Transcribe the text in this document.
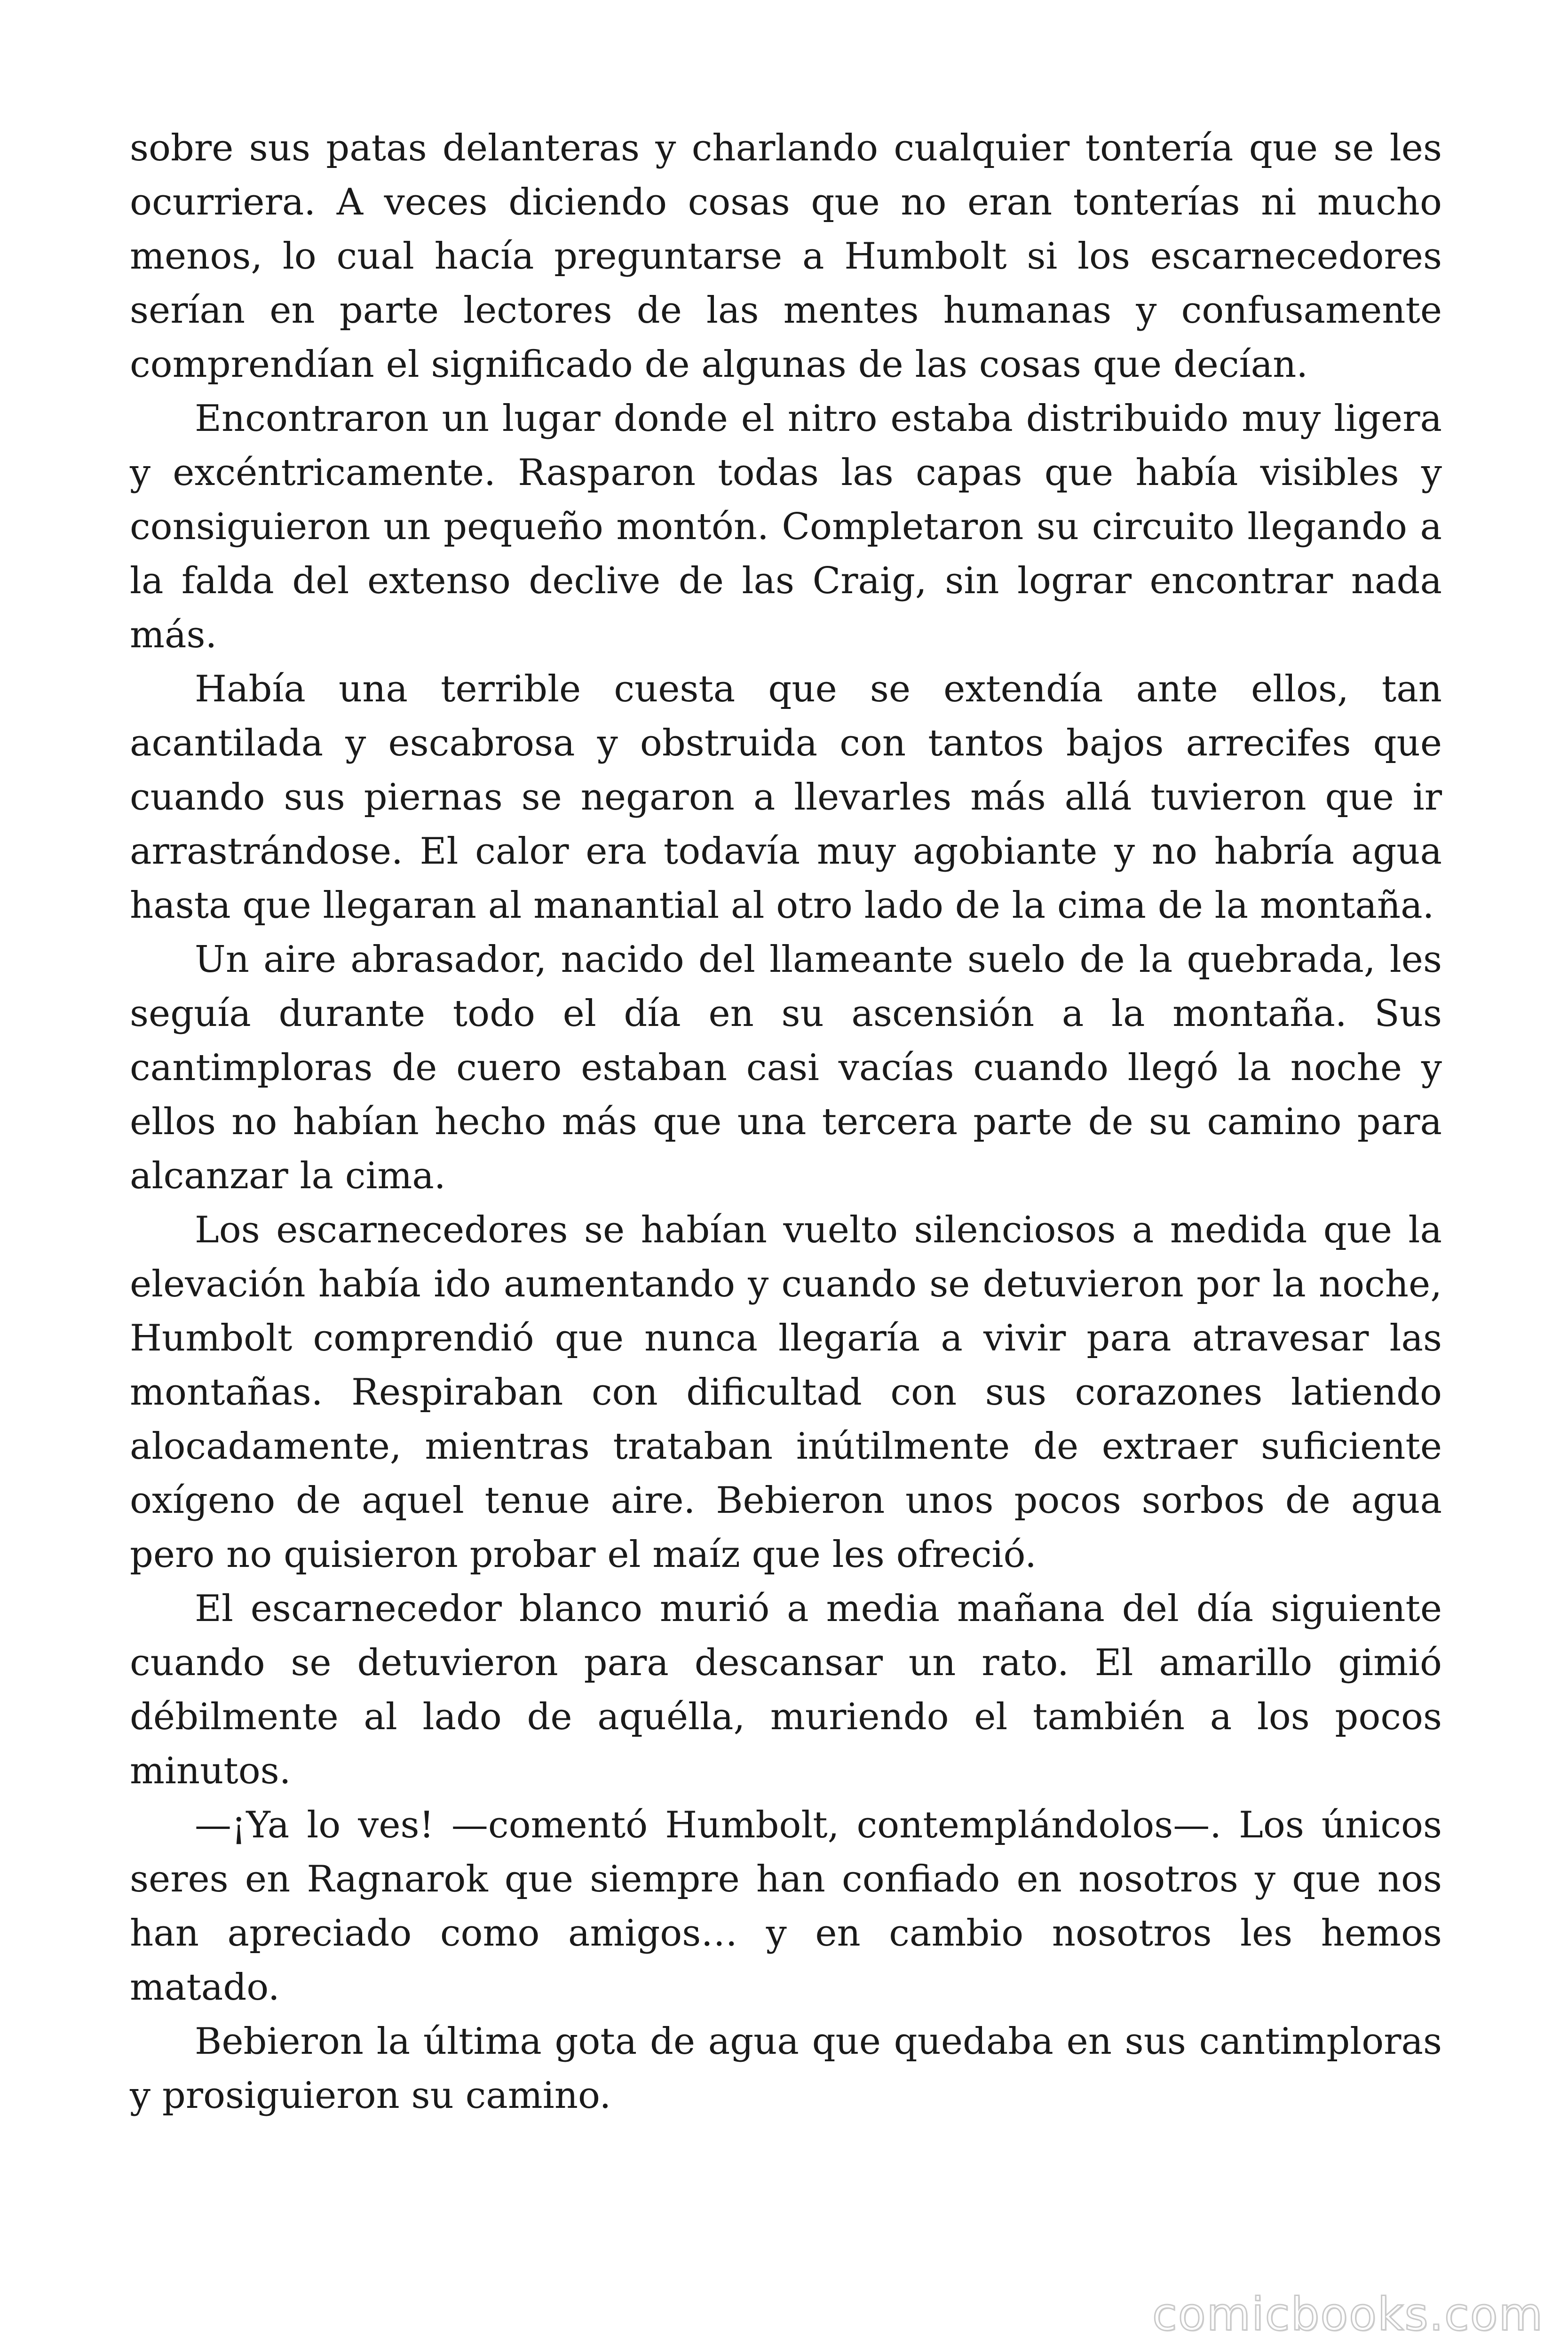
sobre sus patas delanteras y charlando cualquier tontería que se les ocurriera. A veces diciendo cosas que no eran tonterías ni mucho menos, lo cual hacía preguntarse a Humbolt si los escarnecedores serían en parte lectores de las mentes humanas y confusamente comprendían el significado de algunas de las cosas que decían.

Encontraron un lugar donde el nitro estaba distribuido muy ligera y excéntricamente. Rasparon todas las capas que había visibles y consiguieron un pequeño montón. Completaron su circuito llegando a la falda del extenso declive de las Craig, sin lograr encontrar nada más.

Había una terrible cuesta que se extendía ante ellos, tan acantilada y escabrosa y obstruida con tantos bajos arrecifes que cuando sus piernas se negaron a llevarles más allá tuvieron que ir arrastrándose. El calor era todavía muy agobiante y no habría agua hasta que llegaran al manantial al otro lado de la cima de la montaña.

Un aire abrasador, nacido del llameante suelo de la quebrada, les seguía durante todo el día en su ascensión a la montaña. Sus cantimploras de cuero estaban casi vacías cuando llegó la noche y ellos no habían hecho más que una tercera parte de su camino para alcanzar la cima.

Los escarnecedores se habían vuelto silenciosos a medida que la elevación había ido aumentando y cuando se detuvieron por la noche, Humbolt comprendió que nunca llegaría a vivir para atravesar las montañas. Respiraban con dificultad con sus corazones latiendo alocadamente, mientras trataban inútilmente de extraer suficiente oxígeno de aquel tenue aire. Bebieron unos pocos sorbos de agua pero no quisieron probar el maíz que les ofreció.

El escarnecedor blanco murió a media mañana del día siguiente cuando se detuvieron para descansar un rato. El amarillo gimió débilmente al lado de aquélla, muriendo el también a los pocos minutos.

—¡Ya lo ves! —comentó Humbolt, contemplándolos—. Los únicos seres en Ragnarok que siempre han confiado en nosotros y que nos han apreciado como amigos… y en cambio nosotros les hemos matado.

Bebieron la última gota de agua que quedaba en sus cantimploras y prosiguieron su camino.

comicbooks.com
